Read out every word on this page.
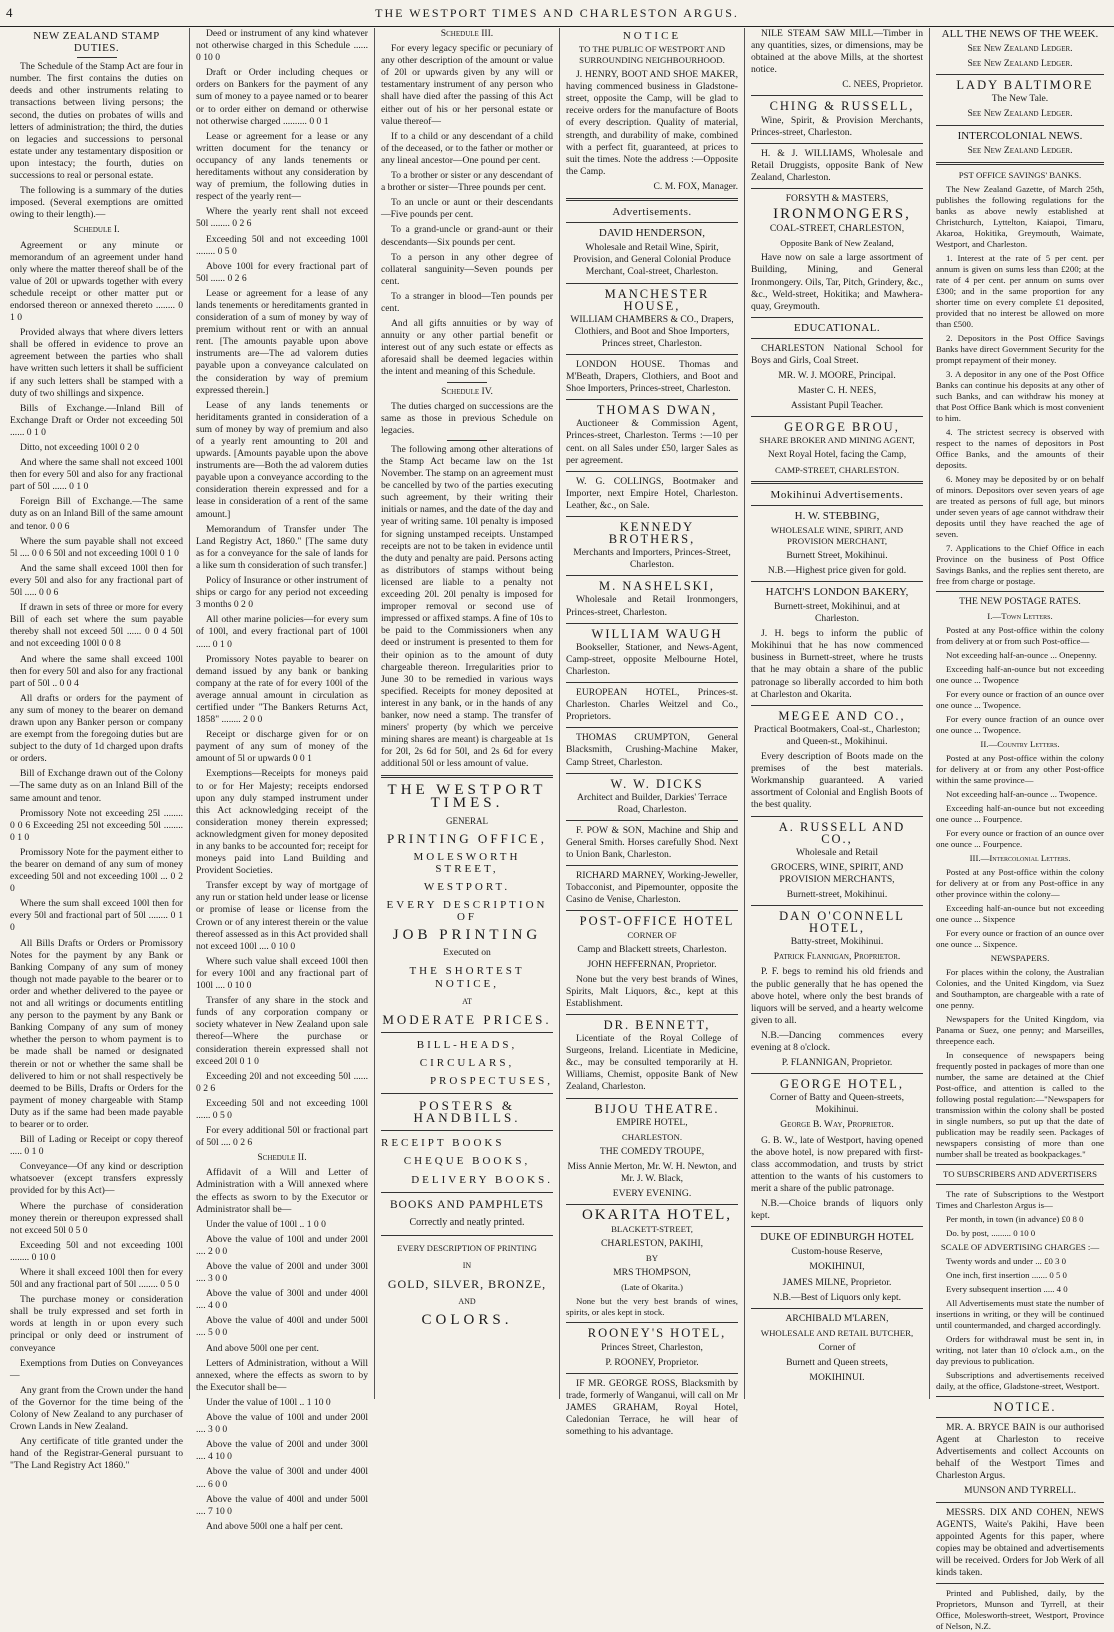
4	THE WESTPORT TIMES AND CHARLESTON ARGUS.
NEW ZEALAND STAMP DUTIES.

The Schedule of the Stamp Act are four in number. The first contains the duties on deeds and other instruments relating to transactions between living persons; the second, the duties on probates of wills and letters of administration; the third, the duties on legacies and successions to personal estate under any testamentary disposition or upon intestacy; the fourth, duties on successions to real or personal estate.

The following is a summary of the duties imposed. (Several exemptions are omitted owing to their length).—

Schedule I.

Agreement or any minute or memorandum of an agreement under hand only where the matter thereof shall be of the value of 20l or upwards together with every schedule receipt or other matter put or endorsed thereon or annexed thereto ........ 0 1 0

Provided always that where divers letters shall be offered in evidence to prove an agreement between the parties who shall have written such letters it shall be sufficient if any such letters shall be stamped with a duty of two shillings and sixpence.

Bills of Exchange.—Inland Bill of Exchange Draft or Order not exceeding 50l ...... 0 1 0

Ditto, not exceeding 100l 0 2 0

And where the same shall not exceed 100l then for every 50l and also for any fractional part of 50l ...... 0 1 0

Foreign Bill of Exchange.—The same duty as on an Inland Bill of the same amount and tenor. 0 0 6

Where the sum payable shall not exceed 5l .... 0 0 6 50l and not exceeding 100l 0 1 0

And the same shall exceed 100l then for every 50l and also for any fractional part of 50l ..... 0 0 6

If drawn in sets of three or more for every Bill of each set where the sum payable thereby shall not exceed 50l ...... 0 0 4 50l and not exceeding 100l 0 0 8

And where the same shall exceed 100l then for every 50l and also for any fractional part of 50l .. 0 0 4

All drafts or orders for the payment of any sum of money to the bearer on demand drawn upon any Banker person or company are exempt from the foregoing duties but are subject to the duty of 1d charged upon drafts or orders.

Bill of Exchange drawn out of the Colony—The same duty as on an Inland Bill of the same amount and tenor.

Promissory Note not exceeding 25l ........ 0 0 6 Exceeding 25l not exceeding 50l ........ 0 1 0

Promissory Note for the payment either to the bearer on demand of any sum of money exceeding 50l and not exceeding 100l ... 0 2 0

Where the sum shall exceed 100l then for every 50l and fractional part of 50l ........ 0 1 0

All Bills Drafts or Orders or Promissory Notes for the payment by any Bank or Banking Company of any sum of money though not made payable to the bearer or to order and whether delivered to the payee or not and all writings or documents entitling any person to the payment by any Bank or Banking Company of any sum of money whether the person to whom payment is to be made shall be named or designated therein or not or whether the same shall be delivered to him or not shall respectively be deemed to be Bills, Drafts or Orders for the payment of money chargeable with Stamp Duty as if the same had been made payable to bearer or to order.

Bill of Lading or Receipt or copy thereof ..... 0 1 0

Conveyance—Of any kind or description whatsoever (except transfers expressly provided for by this Act)—

Where the purchase of consideration money therein or thereupon expressed shall not exceed 50l 0 5 0

Exceeding 50l and not exceeding 100l ........ 0 10 0

Where it shall exceed 100l then for every 50l and any fractional part of 50l ........ 0 5 0

The purchase money or consideration shall be truly expressed and set forth in words at length in or upon every such principal or only deed or instrument of conveyance

Exemptions from Duties on Conveyances—

Any grant from the Crown under the hand of the Governor for the time being of the Colony of New Zealand to any purchaser of Crown Lands in New Zealand.

Any certificate of title granted under the hand of the Registrar-General pursuant to "The Land Registry Act 1860."

Deed or instrument of any kind whatever not otherwise charged in this Schedule ...... 0 10 0

Draft or Order including cheques or orders on Bankers for the payment of any sum of money to a payee named or to bearer or to order either on demand or otherwise not otherwise charged .......... 0 0 1

Lease or agreement for a lease or any written document for the tenancy or occupancy of any lands tenements or hereditaments without any consideration by way of premium, the following duties in respect of the yearly rent—

Where the yearly rent shall not exceed 50l ........ 0 2 6

Exceeding 50l and not exceeding 100l ........ 0 5 0

Above 100l for every fractional part of 50l ...... 0 2 6

Lease or agreement for a lease of any lands tenements or hereditaments granted in consideration of a sum of money by way of premium without rent or with an annual rent. [The amounts payable upon above instruments are—The ad valorem duties payable upon a conveyance calculated on the consideration by way of premium expressed therein.]

Lease of any lands tenements or heriditaments granted in consideration of a sum of money by way of premium and also of a yearly rent amounting to 20l and upwards. [Amounts payable upon the above instruments are—Both the ad valorem duties payable upon a conveyance according to the consideration therein expressed and for a lease in consideration of a rent of the same amount.]

Memorandum of Transfer under The Land Registry Act, 1860." [The same duty as for a conveyance for the sale of lands for a like sum th consideration of such transfer.]

Policy of Insurance or other instrument of ships or cargo for any period not exceeding 3 months 0 2 0

All other marine policies—for every sum of 100l, and every fractional part of 100l ...... 0 1 0

Promissory Notes payable to bearer on demand issued by any bank or banking company at the rate of for every 100l of the average annual amount in circulation as certified under "The Bankers Returns Act, 1858" ........ 2 0 0

Receipt or discharge given for or on payment of any sum of money of the amount of 5l or upwards 0 0 1

Exemptions—Receipts for moneys paid to or for Her Majesty; receipts endorsed upon any duly stamped instrument under this Act acknowledging receipt of the consideration money therein expressed; acknowledgment given for money deposited in any banks to be accounted for; receipt for moneys paid into Land Building and Provident Societies.

Transfer except by way of mortgage of any run or station held under lease or license or promise of lease or license from the Crown or of any interest therein or the value thereof assessed as in this Act provided shall not exceed 100l .... 0 10 0

Where such value shall exceed 100l then for every 100l and any fractional part of 100l .... 0 10 0

Transfer of any share in the stock and funds of any corporation company or society whatever in New Zealand upon sale thereof—Where the purchase or consideration therein expressed shall not exceed 20l 0 1 0

Exceeding 20l and not exceeding 50l ...... 0 2 6

Exceeding 50l and not exceeding 100l ...... 0 5 0

For every additional 50l or fractional part of 50l .... 0 2 6

Schedule II.

Affidavit of a Will and Letter of Administration with a Will annexed where the effects as sworn to by the Executor or Administrator shall be—

Under the value of 100l .. 1 0 0

Above the value of 100l and under 200l .... 2 0 0

Above the value of 200l and under 300l .... 3 0 0

Above the value of 300l and under 400l .... 4 0 0

Above the value of 400l and under 500l .... 5 0 0

And above 500l one per cent.

Letters of Administration, without a Will annexed, where the effects as sworn to by the Executor shall be—

Under the value of 100l .. 1 10 0

Above the value of 100l and under 200l .... 3 0 0

Above the value of 200l and under 300l .... 4 10 0

Above the value of 300l and under 400l .... 6 0 0

Above the value of 400l and under 500l .... 7 10 0

And above 500l one a half per cent.

Schedule III.

For every legacy specific or pecuniary of any other description of the amount or value of 20l or upwards given by any will or testamentary instrument of any person who shall have died after the passing of this Act either out of his or her personal estate or value thereof—

If to a child or any descendant of a child of the deceased, or to the father or mother or any lineal ancestor—One pound per cent.

To a brother or sister or any descendant of a brother or sister—Three pounds per cent.

To an uncle or aunt or their descendants—Five pounds per cent.

To a grand-uncle or grand-aunt or their descendants—Six pounds per cent.

To a person in any other degree of collateral sanguinity—Seven pounds per cent.

To a stranger in blood—Ten pounds per cent.

And all gifts annuities or by way of annuity or any other partial benefit or interest out of any such estate or effects as aforesaid shall be deemed legacies within the intent and meaning of this Schedule.

Schedule IV.

The duties charged on successions are the same as those in previous Schedule on legacies.

The following among other alterations of the Stamp Act became law on the 1st November. The stamp on an agreement must be cancelled by two of the parties executing such agreement, by their writing their initials or names, and the date of the day and year of writing same. 10l penalty is imposed for signing unstamped receipts. Unstamped receipts are not to be taken in evidence until the duty and penalty are paid. Persons acting as distributors of stamps without being licensed are liable to a penalty not exceeding 20l. 20l penalty is imposed for improper removal or second use of impressed or affixed stamps. A fine of 10s to be paid to the Commissioners when any deed or instrument is presented to them for their opinion as to the amount of duty chargeable thereon. Irregularities prior to June 30 to be remedied in various ways specified. Receipts for money deposited at interest in any bank, or in the hands of any banker, now need a stamp. The transfer of miners' property (by which we perceive mining shares are meant) is chargeable at 1s for 20l, 2s 6d for 50l, and 2s 6d for every additional 50l or less amount of value.

THE WESTPORT TIMES.

GENERAL

PRINTING OFFICE,

MOLESWORTH STREET,

WESTPORT.

EVERY DESCRIPTION OF

JOB PRINTING

Executed on

THE SHORTEST NOTICE,

AT

MODERATE PRICES.

BILL-HEADS,

CIRCULARS,

PROSPECTUSES,

POSTERS & HANDBILLS.

RECEIPT BOOKS

CHEQUE BOOKS,

DELIVERY BOOKS.

BOOKS AND PAMPHLETS

Correctly and neatly printed.

EVERY DESCRIPTION OF PRINTING

IN

GOLD, SILVER, BRONZE,

AND

COLORS.

NOTICE

TO THE PUBLIC OF WESTPORT AND SURROUNDING NEIGHBOURHOOD.

J. HENRY, BOOT AND SHOE MAKER, having commenced business in Gladstone-street, opposite the Camp, will be glad to receive orders for the manufacture of Boots of every description. Quality of material, strength, and durability of make, combined with a perfect fit, guaranteed, at prices to suit the times. Note the address :—Opposite the Camp.

C. M. FOX, Manager.

Advertisements.

DAVID HENDERSON,

Wholesale and Retail Wine, Spirit, Provision, and General Colonial Produce Merchant, Coal-street, Charleston.

MANCHESTER HOUSE,

WILLIAM CHAMBERS & CO., Drapers, Clothiers, and Boot and Shoe Importers, Princes street, Charleston.

LONDON HOUSE. Thomas and M'Beath, Drapers, Clothiers, and Boot and Shoe Importers, Princes-street, Charleston.

THOMAS DWAN,

Auctioneer & Commission Agent, Princes-street, Charleston. Terms :—10 per cent. on all Sales under £50, larger Sales as per agreement.

W. G. COLLINGS, Bootmaker and Importer, next Empire Hotel, Charleston. Leather, &c., on Sale.

KENNEDY BROTHERS,

Merchants and Importers, Princes-Street, Charleston.

M. NASHELSKI,

Wholesale and Retail Ironmongers, Princes-street, Charleston.

WILLIAM WAUGH

Bookseller, Stationer, and News-Agent, Camp-street, opposite Melbourne Hotel, Charleston.

EUROPEAN HOTEL, Princes-st. Charleston. Charles Weitzel and Co., Proprietors.

THOMAS CRUMPTON, General Blacksmith, Crushing-Machine Maker, Camp Street, Charleston.

W. W. DICKS

Architect and Builder, Darkies' Terrace Road, Charleston.

F. POW & SON, Machine and Ship and General Smith. Horses carefully Shod. Next to Union Bank, Charleston.

RICHARD MARNEY, Working-Jeweller, Tobacconist, and Pipemounter, opposite the Casino de Venise, Charleston.

POST-OFFICE HOTEL

CORNER OF

Camp and Blackett streets, Charleston.

JOHN HEFFERNAN, Proprietor.

None but the very best brands of Wines, Spirits, Malt Liquors, &c., kept at this Establishment.

DR. BENNETT,

Licentiate of the Royal College of Surgeons, Ireland. Licentiate in Medicine, &c., may be consulted temporarily at H. Williams, Chemist, opposite Bank of New Zealand, Charleston.

BIJOU THEATRE.

EMPIRE HOTEL,

CHARLESTON.

THE COMEDY TROUPE,

Miss Annie Merton, Mr. W. H. Newton, and Mr. J. W. Black,

EVERY EVENING.

OKARITA HOTEL,

BLACKETT-STREET,

CHARLESTON, PAKIHI,

BY

MRS THOMPSON,

(Late of Okarita.)

None but the very best brands of wines, spirits, or ales kept in stock.

ROONEY'S HOTEL,

Princes Street, Charleston,

P. ROONEY, Proprietor.

IF MR. GEORGE ROSS, Blacksmith by trade, formerly of Wanganui, will call on Mr JAMES GRAHAM, Royal Hotel, Caledonian Terrace, he will hear of something to his advantage.

NILE STEAM SAW MILL—Timber in any quantities, sizes, or dimensions, may be obtained at the above Mills, at the shortest notice.

C. NEES, Proprietor.

CHING & RUSSELL,

Wine, Spirit, & Provision Merchants, Princes-street, Charleston.

H. & J. WILLIAMS, Wholesale and Retail Druggists, opposite Bank of New Zealand, Charleston.

FORSYTH & MASTERS,

IRONMONGERS,

COAL-STREET, CHARLESTON,

Opposite Bank of New Zealand,

Have now on sale a large assortment of Building, Mining, and General Ironmongery. Oils, Tar, Pitch, Grindery, &c., &c., Weld-street, Hokitika; and Mawhera-quay, Greymouth.

EDUCATIONAL.

CHARLESTON National School for Boys and Girls, Coal Street.

MR. W. J. MOORE, Principal.

Master C. H. NEES,

Assistant Pupil Teacher.

GEORGE BROU,

SHARE BROKER AND MINING AGENT,

Next Royal Hotel, facing the Camp,

CAMP-STREET, CHARLESTON.

Mokihinui Advertisements.

H. W. STEBBING,

WHOLESALE WINE, SPIRIT, AND PROVISION MERCHANT,

Burnett Street, Mokihinui.

N.B.—Highest price given for gold.

HATCH'S LONDON BAKERY,

Burnett-street, Mokihinui, and at Charleston.

J. H. begs to inform the public of Mokihinui that he has now commenced business in Burnett-street, where he trusts that he may obtain a share of the public patronage so liberally accorded to him both at Charleston and Okarita.

MEGEE AND CO.,

Practical Bootmakers, Coal-st., Charleston; and Queen-st., Mokihinui.

Every description of Boots made on the premises of the best materials. Workmanship guaranteed. A varied assortment of Colonial and English Boots of the best quality.

A. RUSSELL AND CO.,

Wholesale and Retail

GROCERS, WINE, SPIRIT, AND PROVISION MERCHANTS,

Burnett-street, Mokihinui.

DAN O'CONNELL HOTEL,

Batty-street, Mokihinui.

Patrick Flannigan, Proprietor.

P. F. begs to remind his old friends and the public generally that he has opened the above hotel, where only the best brands of liquors will be served, and a hearty welcome given to all.

N.B.—Dancing commences every evening at 8 o'clock.

P. FLANNIGAN, Proprietor.

GEORGE HOTEL,

Corner of Batty and Queen-streets, Mokihinui.

George B. Way, Proprietor.

G. B. W., late of Westport, having opened the above hotel, is now prepared with first-class accommodation, and trusts by strict attention to the wants of his customers to merit a share of the public patronage.

N.B.—Choice brands of liquors only kept.

DUKE OF EDINBURGH HOTEL

Custom-house Reserve,

MOKIHINUI,

JAMES MILNE, Proprietor.

N.B.—Best of Liquors only kept.

ARCHIBALD M'LAREN,

WHOLESALE AND RETAIL BUTCHER,

Corner of

Burnett and Queen streets,

MOKIHINUI.

ALL THE NEWS OF THE WEEK.

See New Zealand Ledger.

See New Zealand Ledger.

LADY BALTIMORE

The New Tale.

See New Zealand Ledger.

INTERCOLONIAL NEWS.

See New Zealand Ledger.

PST OFFICE SAVINGS' BANKS.

The New Zealand Gazette, of March 25th, publishes the following regulations for the banks as above newly established at Christchurch, Lyttelton, Kaiapoi, Timaru, Akaroa, Hokitika, Greymouth, Waimate, Westport, and Charleston.

1. Interest at the rate of 5 per cent. per annum is given on sums less than £200; at the rate of 4 per cent. per annum on sums over £300; and in the same proportion for any shorter time on every complete £1 deposited, provided that no interest be allowed on more than £500.

2. Depositors in the Post Office Savings Banks have direct Government Security for the prompt repayment of their money.

3. A depositor in any one of the Post Office Banks can continue his deposits at any other of such Banks, and can withdraw his money at that Post Office Bank which is most convenient to him.

4. The strictest secrecy is observed with respect to the names of depositors in Post Office Banks, and the amounts of their deposits.

6. Money may be deposited by or on behalf of minors. Depositors over seven years of age are treated as persons of full age, but minors under seven years of age cannot withdraw their deposits until they have reached the age of seven.

7. Applications to the Chief Office in each Province on the business of Post Office Savings Banks, and the replies sent thereto, are free from charge or postage.

THE NEW POSTAGE RATES.

I.—Town Letters.

Posted at any Post-office within the colony from delivery at or from such Post-office—

Not exceeding half-an-ounce ... Onepenny.

Exceeding half-an-ounce but not exceeding one ounce ... Twopence

For every ounce or fraction of an ounce over one ounce ... Twopence.

For every ounce fraction of an ounce over one ounce ... Twopence.

II.—Country Letters.

Posted at any Post-office within the colony for delivery at or from any other Post-office within the same province—

Not exceeding half-an-ounce ... Twopence.

Exceeding half-an-ounce but not exceeding one ounce ... Fourpence.

For every ounce or fraction of an ounce over one ounce ... Fourpence.

III.—Intercolonial Letters.

Posted at any Post-office within the colony for delivery at or from any Post-office in any other province within the colony—

Exceeding half-an-ounce but not exceeding one ounce ... Sixpence

For every ounce or fraction of an ounce over one ounce ... Sixpence.

NEWSPAPERS.

For places within the colony, the Australian Colonies, and the United Kingdom, via Suez and Southampton, are chargeable with a rate of one penny.

Newspapers for the United Kingdom, via Panama or Suez, one penny; and Marseilles, threepence each.

In consequence of newspapers being frequently posted in packages of more than one number, the same are detained at the Chief Post-office, and attention is called to the following postal regulation:—"Newspapers for transmission within the colony shall be posted in single numbers, so put up that the date of publication may be readily seen. Packages of newspapers consisting of more than one number shall be treated as bookpackages."

TO SUBSCRIBERS AND ADVERTISERS

The rate of Subscriptions to the Westport Times and Charleston Argus is—

Per month, in town (in advance) £0 8 0

Do. by post, ......... 0 10 0

SCALE OF ADVERTISING CHARGES :—

Twenty words and under ... £0 3 0

One inch, first insertion ....... 0 5 0

Every subsequent insertion ..... 4 0

All Advertisements must state the number of insertions in writing, or they will be continued until countermanded, and charged accordingly.

Orders for withdrawal must be sent in, in writing, not later than 10 o'clock a.m., on the day previous to publication.

Subscriptions and advertisements received daily, at the office, Gladstone-street, Westport.

NOTICE.

MR. A. BRYCE BAIN is our authorised Agent at Charleston to receive Advertisements and collect Accounts on behalf of the Westport Times and Charleston Argus.

MUNSON AND TYRRELL.

MESSRS. DIX AND COHEN, NEWS AGENTS, Waite's Pakihi, Have been appointed Agents for this paper, where copies may be obtained and advertisements will be received. Orders for Job Werk of all kinds taken.

Printed and Published, daily, by the Proprietors, Munson and Tyrrell, at their Office, Molesworth-street, Westport, Province of Nelson, N.Z.
